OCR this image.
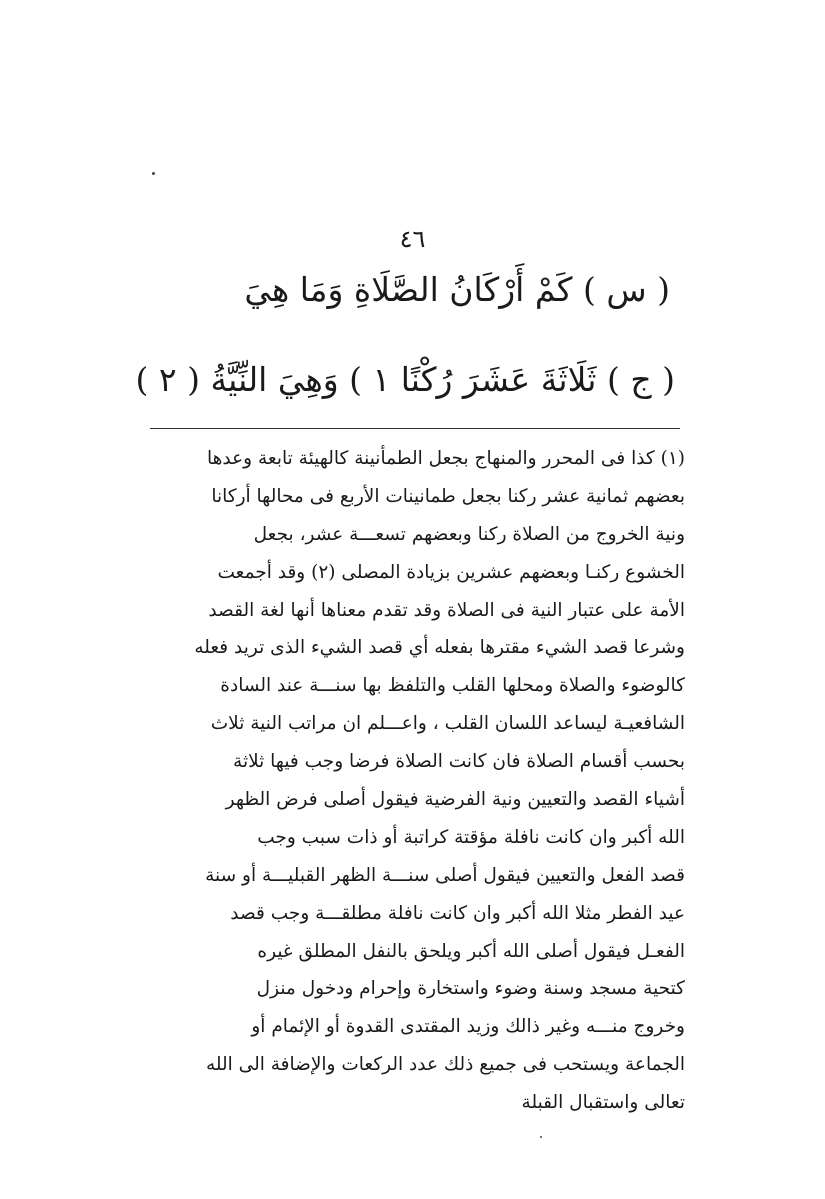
٤٦
( س ) كَمْ أَرْكَانُ الصَّلَاةِ وَمَا هِيَ
( ج ) ثَلَاثَةَ عَشَرَ رُكْنًا ١ ) وَهِيَ النِّيَّةُ ( ٢ )
(١) كذا فى المحرر والمنهاج بجعل الطمأنينة كالهيئة تابعة وعدها
بعضهم ثمانية عشر ركنا بجعل طمانينات الأربع فى محالها أركانا
ونية الخروج من الصلاة ركنا وبعضهم تسعـــة عشر، بجعل
الخشوع ركنـا وبعضهم عشرين بزيادة المصلى (٢) وقد أجمعت
الأمة على عتبار النية فى الصلاة وقد تقدم معناها أنها لغة القصد
وشرعا قصد الشيء مقترها بفعله أي قصد الشيء الذى تريد فعله
كالوضوء والصلاة ومحلها القلب والتلفظ بها سنـــة عند السادة
الشافعيـة ليساعد اللسان القلب ، واعـــلم ان مراتب النية ثلاث
بحسب أقسام الصلاة فان كانت الصلاة فرضا وجب فيها ثلاثة
أشياء القصد والتعيين ونية الفرضية فيقول أصلى فرض الظهر
الله أكبر وان كانت نافلة مؤقتة كراتبة أو ذات سبب وجب
قصد الفعل والتعيين فيقول أصلى سنـــة الظهر القبليـــة أو سنة
عيد الفطر مثلا الله أكبر وان كانت نافلة مطلقـــة وجب قصد
الفعـل فيقول أصلى الله أكبر ويلحق بالنفل المطلق غيره
كتحية مسجد وسنة وضوء واستخارة وإحرام ودخول منزل
وخروج منـــه وغير ذالك وزيد المقتدى القدوة أو الإئمام أو
الجماعة ويستحب فى جميع ذلك عدد الركعات والإضافة الى الله
تعالى واستقبال القبلة
